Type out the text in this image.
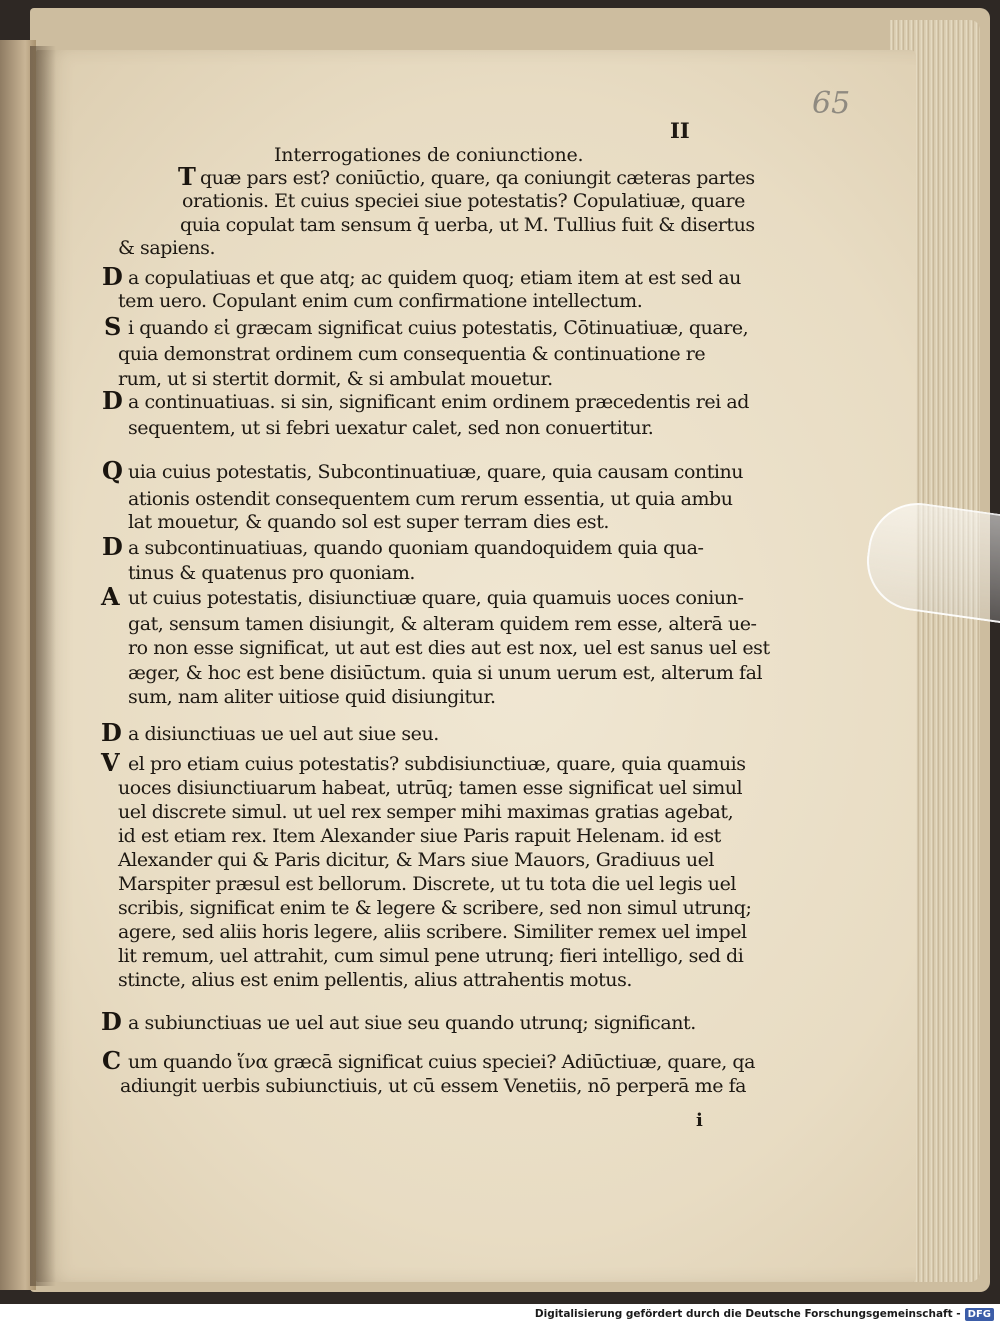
65

II

Interrogationes de coniunctione.

T quæ pars est? coniūctio, quare, qa coniungit cæteras partes

orationis. Et cuius speciei siue potestatis? Copulatiuæ, quare

quia copulat tam sensum q̄ uerba, ut M. Tullius fuit & disertus

& sapiens.

D a copulatiuas et que atq; ac quidem quoq; etiam item at est sed au

tem uero. Copulant enim cum confirmatione intellectum.

S i quando εἰ græcam significat cuius potestatis, Cōtinuatiuæ, quare,

quia demonstrat ordinem cum consequentia & continuatione re

rum, ut si stertit dormit, & si ambulat mouetur.

D a continuatiuas. si sin, significant enim ordinem præcedentis rei ad

sequentem, ut si febri uexatur calet, sed non conuertitur.

Q uia cuius potestatis, Subcontinuatiuæ, quare, quia causam continu

ationis ostendit consequentem cum rerum essentia, ut quia ambu

lat mouetur, & quando sol est super terram dies est.

D a subcontinuatiuas, quando quoniam quandoquidem quia qua-

tinus & quatenus pro quoniam.

A ut cuius potestatis, disiunctiuæ quare, quia quamuis uoces coniun-

gat, sensum tamen disiungit, & alteram quidem rem esse, alterā ue-

ro non esse significat, ut aut est dies aut est nox, uel est sanus uel est

æger, & hoc est bene disiūctum. quia si unum uerum est, alterum fal

sum, nam aliter uitiose quid disiungitur.

D a disiunctiuas ue uel aut siue seu.

V el pro etiam cuius potestatis? subdisiunctiuæ, quare, quia quamuis

uoces disiunctiuarum habeat, utrūq; tamen esse significat uel simul

uel discrete simul. ut uel rex semper mihi maximas gratias agebat,

id est etiam rex. Item Alexander siue Paris rapuit Helenam. id est

Alexander qui & Paris dicitur, & Mars siue Mauors, Gradiuus uel

Marspiter præsul est bellorum. Discrete, ut tu tota die uel legis uel

scribis, significat enim te & legere & scribere, sed non simul utrunq;

agere, sed aliis horis legere, aliis scribere. Similiter remex uel impel

lit remum, uel attrahit, cum simul pene utrunq; fieri intelligo, sed di

stincte, alius est enim pellentis, alius attrahentis motus.

D a subiunctiuas ue uel aut siue seu quando utrunq; significant.

C um quando ἵνα græcā significat cuius speciei? Adiūctiuæ, quare, qa

adiungit uerbis subiunctiuis, ut cū essem Venetiis, nō perperā me fa

i

Digitalisierung gefördert durch die Deutsche Forschungsgemeinschaft - DFG
